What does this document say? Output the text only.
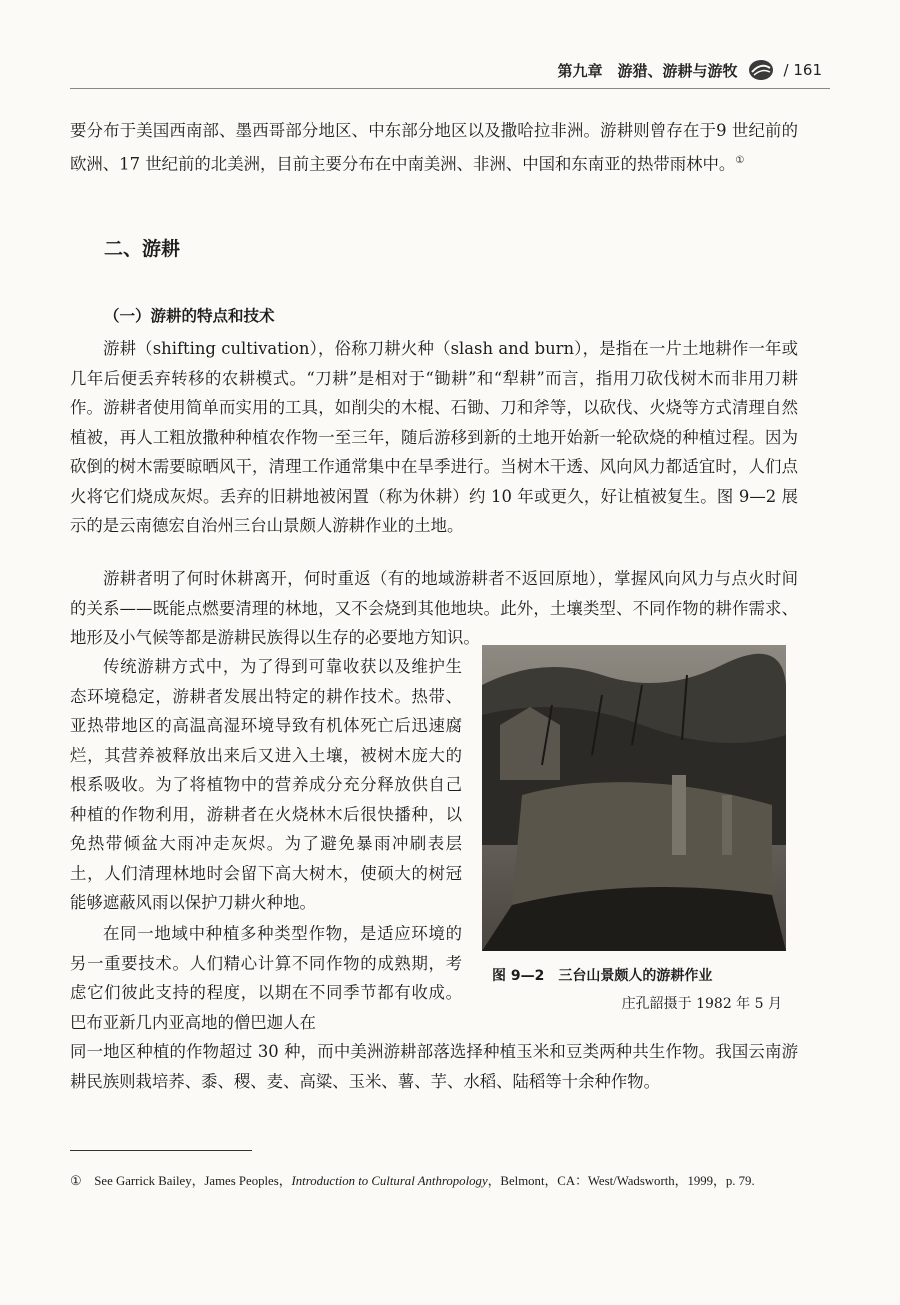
第九章　游猎、游耕与游牧	/ 161

要分布于美国西南部、墨西哥部分地区、中东部分地区以及撒哈拉非洲。游耕则曾存在于9 世纪前的欧洲、17 世纪前的北美洲，目前主要分布在中南美洲、非洲、中国和东南亚的热带雨林中。①

二、游耕
（一）游耕的特点和技术

游耕（shifting cultivation），俗称刀耕火种（slash and burn），是指在一片土地耕作一年或几年后便丢弃转移的农耕模式。“刀耕”是相对于“锄耕”和“犁耕”而言，指用刀砍伐树木而非用刀耕作。游耕者使用简单而实用的工具，如削尖的木棍、石锄、刀和斧等，以砍伐、火烧等方式清理自然植被，再人工粗放撒种种植农作物一至三年，随后游移到新的土地开始新一轮砍烧的种植过程。因为砍倒的树木需要晾晒风干，清理工作通常集中在旱季进行。当树木干透、风向风力都适宜时，人们点火将它们烧成灰烬。丢弃的旧耕地被闲置（称为休耕）约 10 年或更久，好让植被复生。图 9—2 展示的是云南德宏自治州三台山景颇人游耕作业的土地。

游耕者明了何时休耕离开，何时重返（有的地域游耕者不返回原地），掌握风向风力与点火时间的关系——既能点燃要清理的林地，又不会烧到其他地块。此外，土壤类型、不同作物的耕作需求、地形及小气候等都是游耕民族得以生存的必要地方知识。

传统游耕方式中，为了得到可靠收获以及维护生态环境稳定，游耕者发展出特定的耕作技术。热带、亚热带地区的高温高湿环境导致有机体死亡后迅速腐烂，其营养被释放出来后又进入土壤，被树木庞大的根系吸收。为了将植物中的营养成分充分释放供自己种植的作物利用，游耕者在火烧林木后很快播种，以免热带倾盆大雨冲走灰烬。为了避免暴雨冲刷表层土，人们清理林地时会留下高大树木，使硕大的树冠能够遮蔽风雨以保护刀耕火种地。

在同一地域中种植多种类型作物，是适应环境的另一重要技术。人们精心计算不同作物的成熟期，考虑它们彼此支持的程度，以期在不同季节都有收成。巴布亚新几内亚高地的僧巴迦人在

同一地区种植的作物超过 30 种，而中美洲游耕部落选择种植玉米和豆类两种共生作物。我国云南游耕民族则栽培荞、黍、稷、麦、高粱、玉米、薯、芋、水稻、陆稻等十余种作物。

图 9—2　三台山景颇人的游耕作业

庄孔韶摄于 1982 年 5 月

①　 See Garrick Bailey，James Peoples，Introduction to Cultural Anthropology，Belmont，CA：West/Wadsworth，1999，p. 79.
